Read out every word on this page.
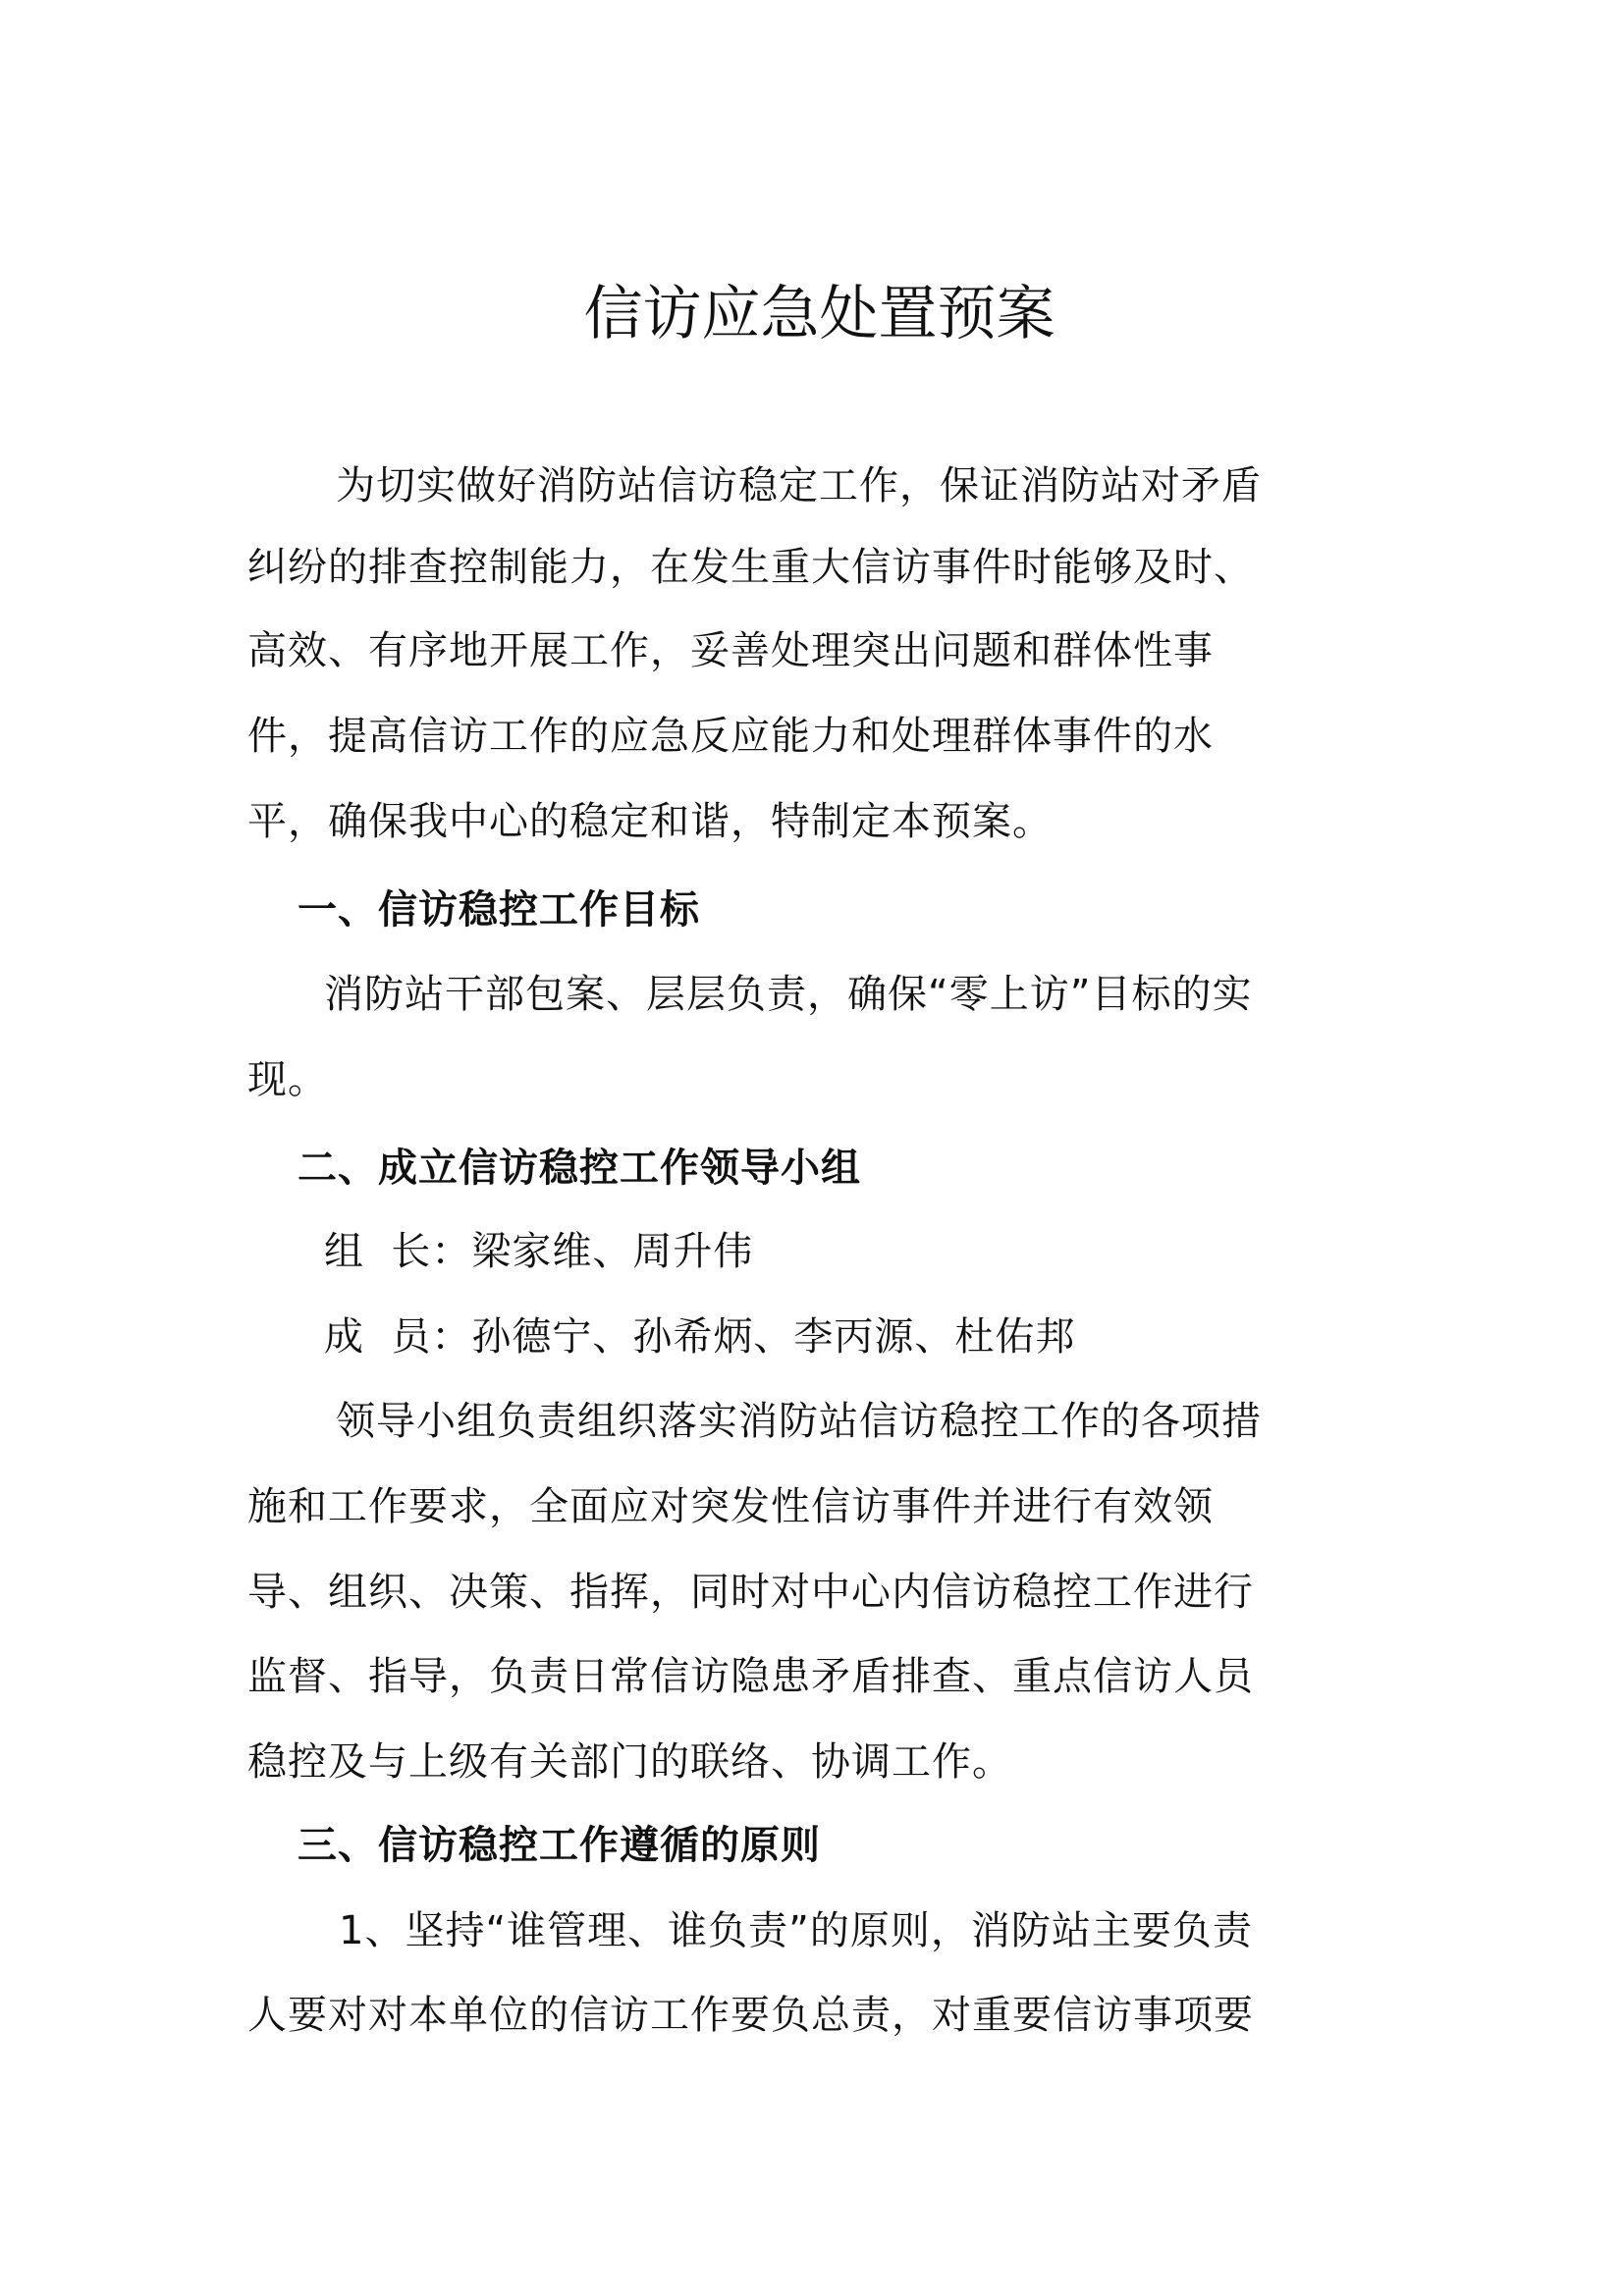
信访应急处置预案
为切实做好消防站信访稳定工作，保证消防站对矛盾
纠纷的排查控制能力，在发生重大信访事件时能够及时、
高效、有序地开展工作，妥善处理突出问题和群体性事
件，提高信访工作的应急反应能力和处理群体事件的水
平，确保我中心的稳定和谐，特制定本预案。
一、信访稳控工作目标
消防站干部包案、层层负责，确保“零上访”目标的实
现。
二、成立信访稳控工作领导小组
组  长：梁家维、周升伟
成  员：孙德宁、孙希炳、李丙源、杜佑邦
领导小组负责组织落实消防站信访稳控工作的各项措
施和工作要求，全面应对突发性信访事件并进行有效领
导、组织、决策、指挥，同时对中心内信访稳控工作进行
监督、指导，负责日常信访隐患矛盾排查、重点信访人员
稳控及与上级有关部门的联络、协调工作。
三、信访稳控工作遵循的原则
1、坚持“谁管理、谁负责”的原则，消防站主要负责
人要对对本单位的信访工作要负总责，对重要信访事项要
